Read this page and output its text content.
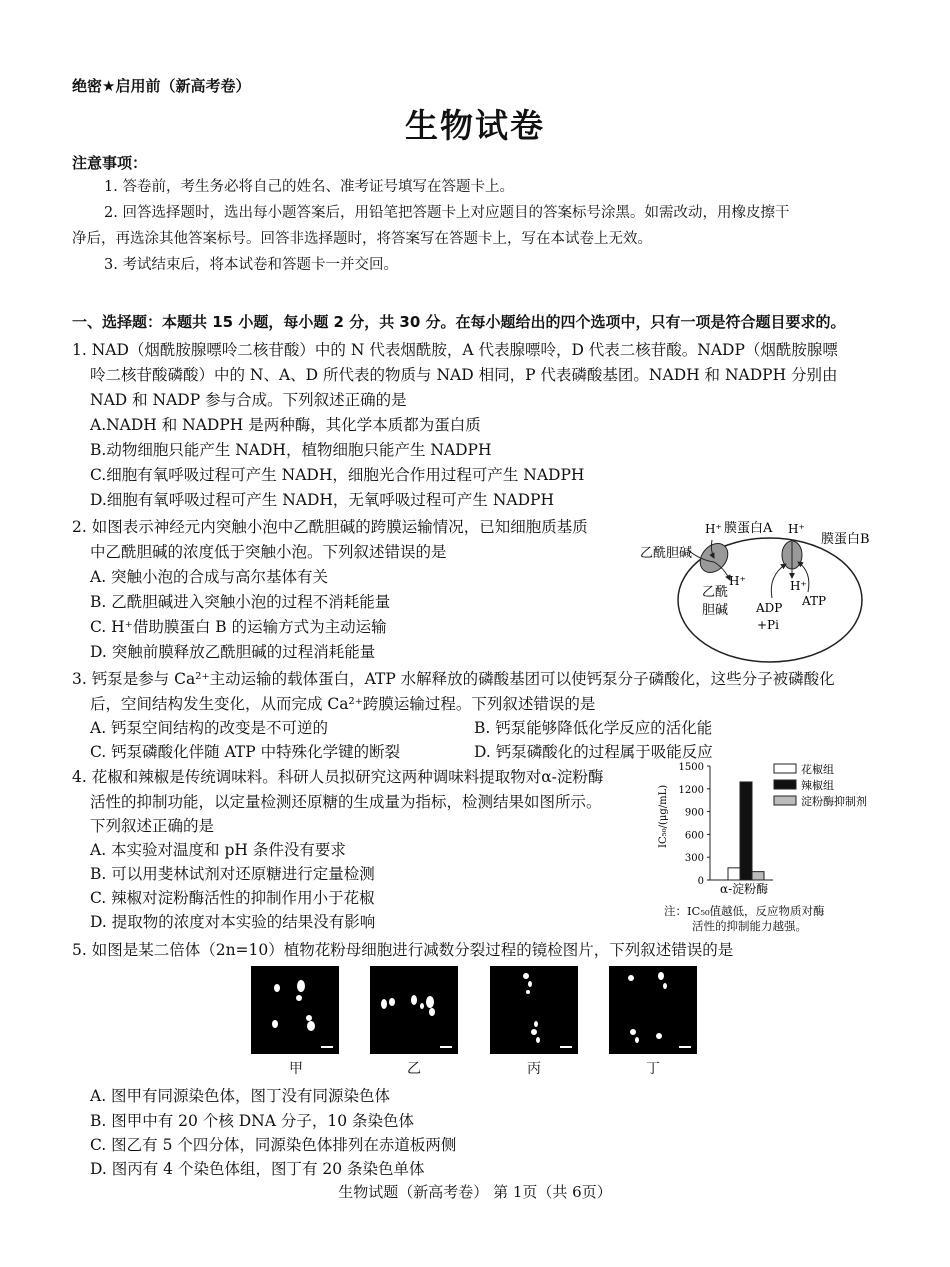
绝密★启用前（新高考卷）
生物试卷
注意事项：
1. 答卷前，考生务必将自己的姓名、准考证号填写在答题卡上。
2. 回答选择题时，选出每小题答案后，用铅笔把答题卡上对应题目的答案标号涂黑。如需改动，用橡皮擦干
净后，再选涂其他答案标号。回答非选择题时，将答案写在答题卡上，写在本试卷上无效。
3. 考试结束后，将本试卷和答题卡一并交回。
一、选择题：本题共 15 小题，每小题 2 分，共 30 分。在每小题给出的四个选项中，只有一项是符合题目要求的。
1. NAD（烟酰胺腺嘌呤二核苷酸）中的 N 代表烟酰胺，A 代表腺嘌呤，D 代表二核苷酸。NADP（烟酰胺腺嘌
呤二核苷酸磷酸）中的 N、A、D 所代表的物质与 NAD 相同，P 代表磷酸基团。NADH 和 NADPH 分别由
NAD 和 NADP 参与合成。下列叙述正确的是
A.NADH 和 NADPH 是两种酶，其化学本质都为蛋白质
B.动物细胞只能产生 NADH，植物细胞只能产生 NADPH
C.细胞有氧呼吸过程可产生 NADH，细胞光合作用过程可产生 NADPH
D.细胞有氧呼吸过程可产生 NADH，无氧呼吸过程可产生 NADPH
2. 如图表示神经元内突触小泡中乙酰胆碱的跨膜运输情况，已知细胞质基质
中乙酰胆碱的浓度低于突触小泡。下列叙述错误的是
A. 突触小泡的合成与高尔基体有关
B. 乙酰胆碱进入突触小泡的过程不消耗能量
C. H⁺借助膜蛋白 B 的运输方式为主动运输
D. 突触前膜释放乙酰胆碱的过程消耗能量
H⁺ 膜蛋白A H⁺
膜蛋白B
乙酰胆碱
H⁺	H⁺
乙酰
胆碱 ADP
+Pi
ATP
3. 钙泵是参与 Ca²⁺主动运输的载体蛋白，ATP 水解释放的磷酸基团可以使钙泵分子磷酸化，这些分子被磷酸化
后，空间结构发生变化，从而完成 Ca²⁺跨膜运输过程。下列叙述错误的是
A. 钙泵空间结构的改变是不可逆的	B. 钙泵能够降低化学反应的活化能
C. 钙泵磷酸化伴随 ATP 中特殊化学键的断裂	D. 钙泵磷酸化的过程属于吸能反应
4. 花椒和辣椒是传统调味料。科研人员拟研究这两种调味料提取物对α-淀粉酶
活性的抑制功能，以定量检测还原糖的生成量为指标，检测结果如图所示。
下列叙述正确的是
A. 本实验对温度和 pH 条件没有要求
B. 可以用斐林试剂对还原糖进行定量检测
C. 辣椒对淀粉酶活性的抑制作用小于花椒
D. 提取物的浓度对本实验的结果没有影响
IC₅₀/(μg/mL)
0
300
600
900
1200
1500	花椒组
辣椒组
淀粉酶抑制剂
α-淀粉酶
注：IC₅₀值越低，反应物质对酶
活性的抑制能力越强。
5. 如图是某二倍体（2n=10）植物花粉母细胞进行减数分裂过程的镜检图片，下列叙述错误的是
甲	乙	丙	丁
A. 图甲有同源染色体，图丁没有同源染色体
B. 图甲中有 20 个核 DNA 分子，10 条染色体
C. 图乙有 5 个四分体，同源染色体排列在赤道板两侧
D. 图丙有 4 个染色体组，图丁有 20 条染色单体
生物试题（新高考卷） 第 1页（共 6页）
